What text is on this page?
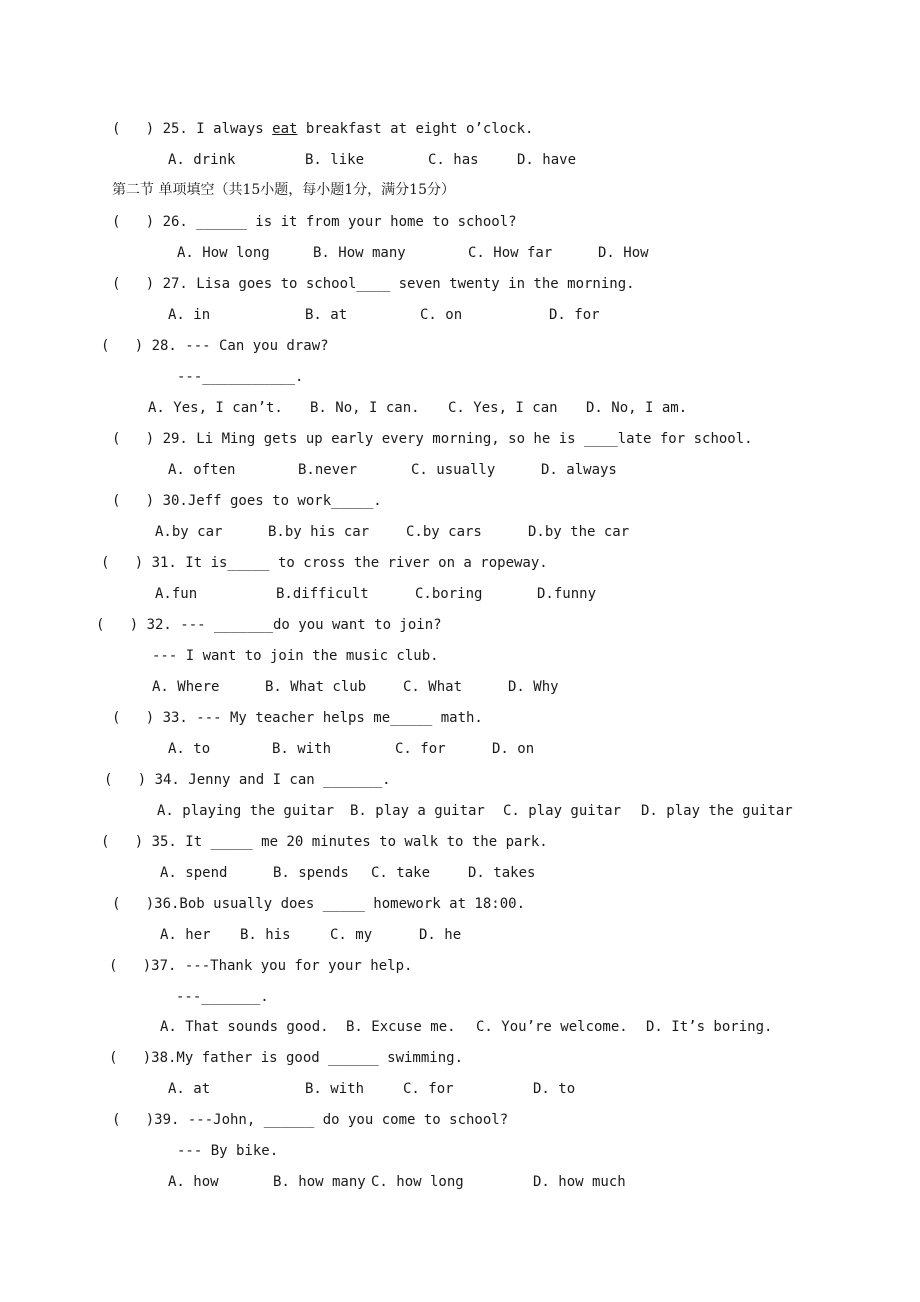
(   ) 25. I always eat breakfast at eight o’clock.
A. drink	B. like	C. has	D. have
第二节 单项填空（共15小题，每小题1分，满分15分）
(   ) 26. ______ is it from your home to school?
A. How long	B. How many	C. How far	D. How
(   ) 27. Lisa goes to school____ seven twenty in the morning.
A. in	B. at	C. on	D. for
(   ) 28. --- Can you draw?
---___________.
A. Yes, I can’t. B. No, I can. C. Yes, I can D. No, I am.
(   ) 29. Li Ming gets up early every morning, so he is ____late for school.
A. often	B.never	C. usually	D. always
(   ) 30.Jeff goes to work_____.
A.by car	B.by his car	C.by cars	D.by the car
(   ) 31. It is_____ to cross the river on a ropeway.
A.fun	B.difficult	C.boring	D.funny
(   ) 32. --- _______do you want to join?
--- I want to join the music club.
A. Where	B. What club	C. What	D. Why
(   ) 33. --- My teacher helps me_____ math.
A. to	B. with	C. for	D. on
(   ) 34. Jenny and I can _______.
A. playing the guitar B. play a guitar C. play guitar D. play the guitar
(   ) 35. It _____ me 20 minutes to walk to the park.
A. spend	B. spends C. take	D. takes
(   )36.Bob usually does _____ homework at 18:00.
A. her B. his	C. my	D. he
(   )37. ---Thank you for your help.
---_______.
A. That sounds good. B. Excuse me. C. You’re welcome. D. It’s boring.
(   )38.My father is good ______ swimming.
A. at	B. with	C. for	D. to
(   )39. ---John, ______ do you come to school?
--- By bike.
A. how	B. how many C. how long	D. how much
